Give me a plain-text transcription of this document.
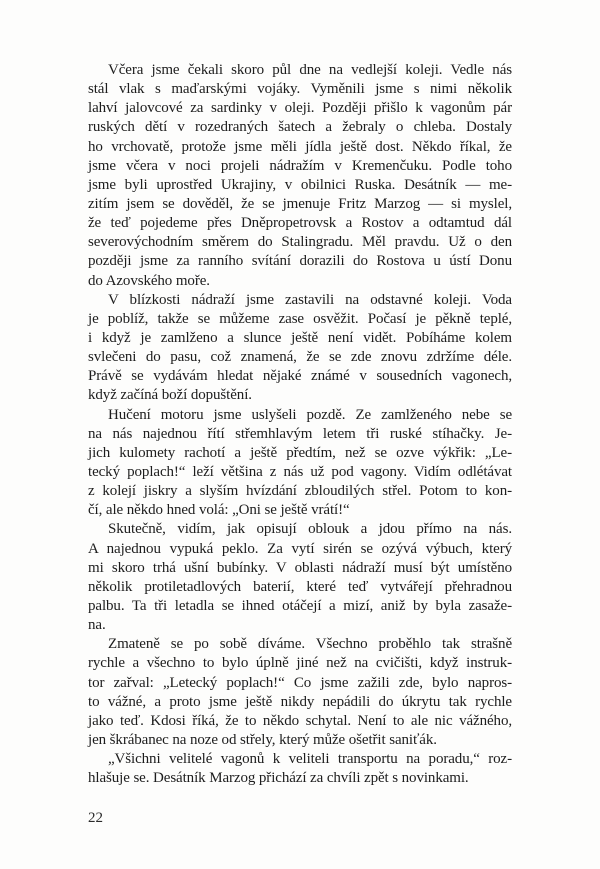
Včera jsme čekali skoro půl dne na vedlejší koleji. Vedle nás
stál vlak s maďarskými vojáky. Vyměnili jsme s nimi několik
lahví jalovcové za sardinky v oleji. Později přišlo k vagonům pár
ruských dětí v rozedraných šatech a žebraly o chleba. Dostaly
ho vrchovatě, protože jsme měli jídla ještě dost. Někdo říkal, že
jsme včera v noci projeli nádražím v Kremenčuku. Podle toho
jsme byli uprostřed Ukrajiny, v obilnici Ruska. Desátník — me-
zitím jsem se dověděl, že se jmenuje Fritz Marzog — si myslel,
že teď pojedeme přes Dněpropetrovsk a Rostov a odtamtud dál
severovýchodním směrem do Stalingradu. Měl pravdu. Už o den
později jsme za ranního svítání dorazili do Rostova u ústí Donu
do Azovského moře.
V blízkosti nádraží jsme zastavili na odstavné koleji. Voda
je poblíž, takže se můžeme zase osvěžit. Počasí je pěkně teplé,
i když je zamlženo a slunce ještě není vidět. Pobíháme kolem
svlečeni do pasu, což znamená, že se zde znovu zdržíme déle.
Právě se vydávám hledat nějaké známé v sousedních vagonech,
když začíná boží dopuštění.
Hučení motoru jsme uslyšeli pozdě. Ze zamlženého nebe se
na nás najednou řítí střemhlavým letem tři ruské stíhačky. Je-
jich kulomety rachotí a ještě předtím, než se ozve výkřik: „Le-
tecký poplach!“ leží většina z nás už pod vagony. Vidím odlétávat
z kolejí jiskry a slyším hvízdání zbloudilých střel. Potom to kon-
čí, ale někdo hned volá: „Oni se ještě vrátí!“
Skutečně, vidím, jak opisují oblouk a jdou přímo na nás.
A najednou vypuká peklo. Za vytí sirén se ozývá výbuch, který
mi skoro trhá ušní bubínky. V oblasti nádraží musí být umístěno
několik protiletadlových baterií, které teď vytvářejí přehradnou
palbu. Ta tři letadla se ihned otáčejí a mizí, aniž by byla zasaže-
na.
Zmateně se po sobě díváme. Všechno proběhlo tak strašně
rychle a všechno to bylo úplně jiné než na cvičišti, když instruk-
tor zařval: „Letecký poplach!“ Co jsme zažili zde, bylo napros-
to vážné, a proto jsme ještě nikdy nepádili do úkrytu tak rychle
jako teď. Kdosi říká, že to někdo schytal. Není to ale nic vážného,
jen škrábanec na noze od střely, který může ošetřit saniťák.
„Všichni velitelé vagonů k veliteli transportu na poradu,“ roz-
hlašuje se. Desátník Marzog přichází za chvíli zpět s novinkami.
22
